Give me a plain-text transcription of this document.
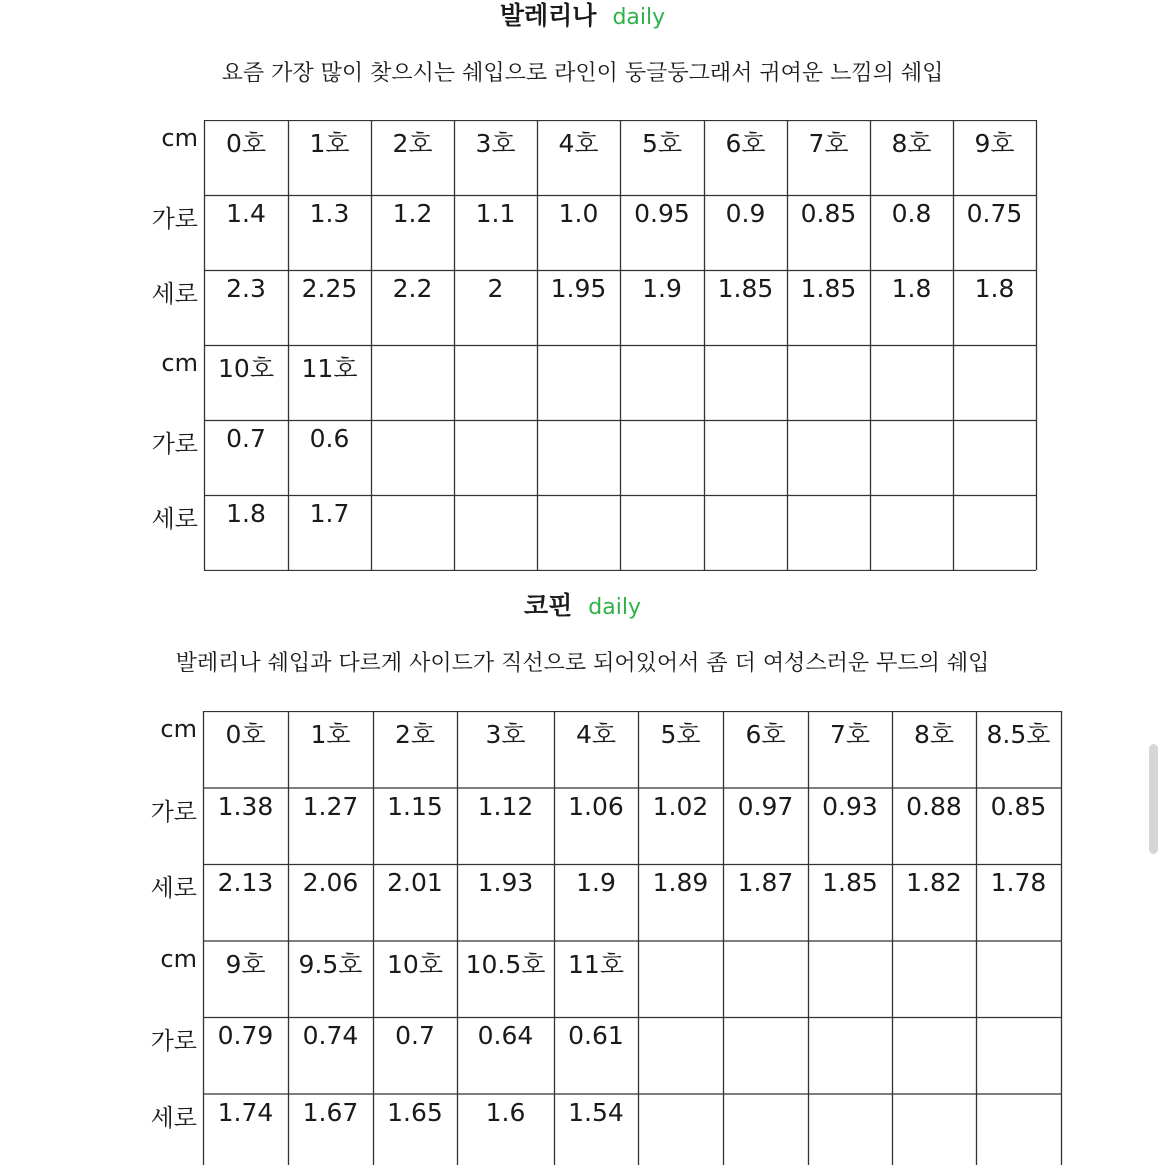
발레리나 daily
요즘 가장 많이 찾으시는 쉐입으로 라인이 둥글둥그래서 귀여운 느낌의 쉐입
cm	0호	1호	2호	3호	4호	5호	6호	7호	8호	9호
가로	1.4	1.3	1.2	1.1	1.0	0.95	0.9	0.85	0.8	0.75
세로	2.3	2.25	2.2	2	1.95	1.9	1.85	1.85	1.8	1.8
cm 10호	11호
가로	0.7	0.6
세로	1.8	1.7
코핀 daily
발레리나 쉐입과 다르게 사이드가 직선으로 되어있어서 좀 더 여성스러운 무드의 쉐입
cm	0호	1호	2호	3호	4호	5호	6호	7호	8호	8.5호
가로 1.38	1.27	1.15	1.12	1.06	1.02	0.97	0.93	0.88	0.85
세로 2.13	2.06	2.01	1.93	1.9	1.89	1.87	1.85	1.82	1.78
cm	9호	9.5호 10호 10.5호 11호
가로 0.79	0.74	0.7	0.64	0.61
세로 1.74	1.67	1.65	1.6	1.54
